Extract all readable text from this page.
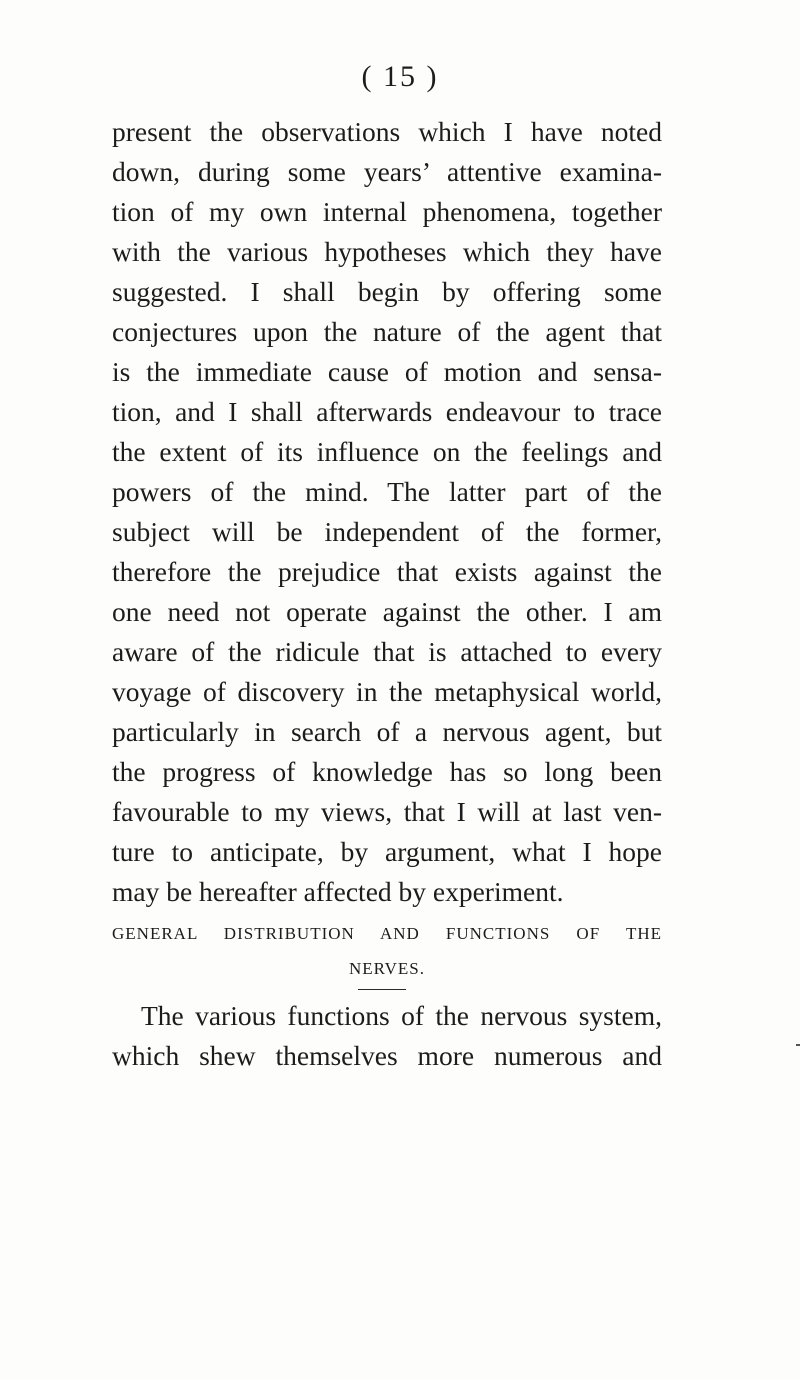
( 15 )
present the observations which I have noted
down, during some years’ attentive examina-
tion of my own internal phenomena, together
with the various hypotheses which they have
suggested. I shall begin by offering some
conjectures upon the nature of the agent that
is the immediate cause of motion and sensa-
tion, and I shall afterwards endeavour to trace
the extent of its influence on the feelings and
powers of the mind. The latter part of the
subject will be independent of the former,
therefore the prejudice that exists against the
one need not operate against the other. I am
aware of the ridicule that is attached to every
voyage of discovery in the metaphysical world,
particularly in search of a nervous agent, but
the progress of knowledge has so long been
favourable to my views, that I will at last ven-
ture to anticipate, by argument, what I hope
may be hereafter affected by experiment.
GENERAL DISTRIBUTION AND FUNCTIONS OF THE
NERVES.
The various functions of the nervous system,
which shew themselves more numerous and
